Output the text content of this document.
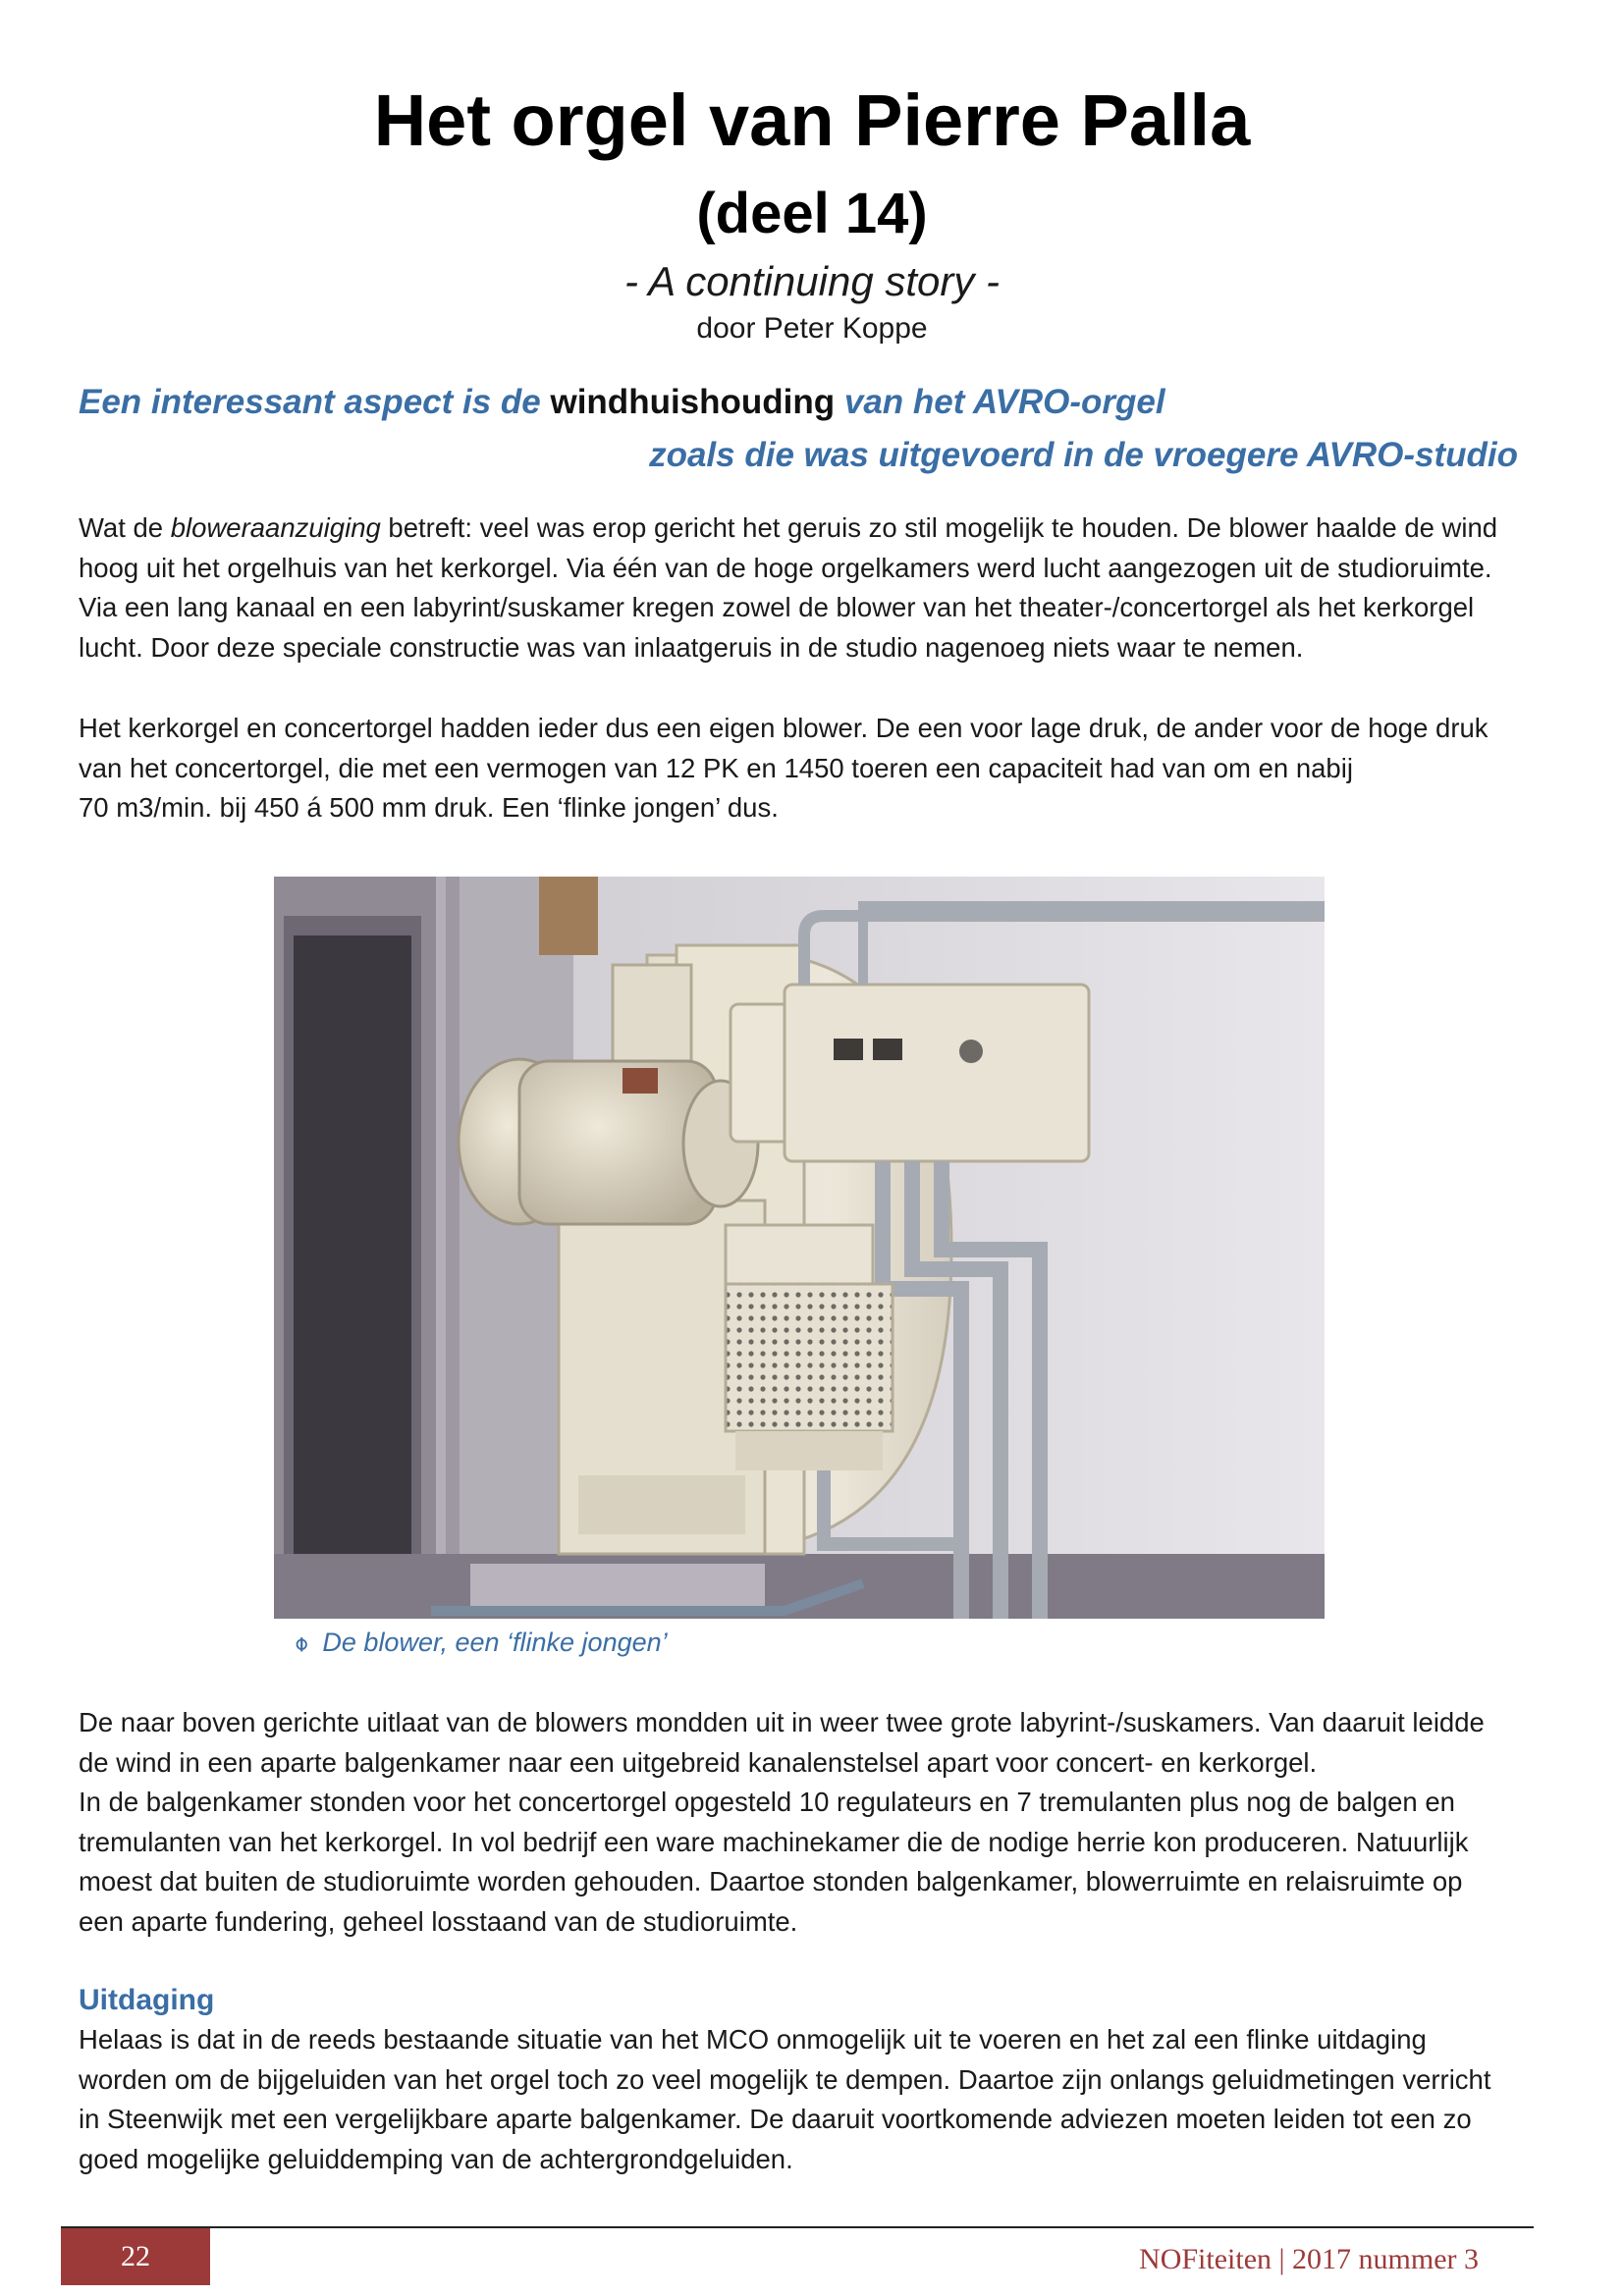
Het orgel van Pierre Palla
(deel 14)
- A continuing story -
door Peter Koppe
Een interessant aspect is de windhuishouding van het AVRO-orgel
zoals die was uitgevoerd in de vroegere AVRO-studio

Wat de bloweraanzuiging betreft: veel was erop gericht het geruis zo stil mogelijk te houden. De blower haalde de wind hoog uit het orgelhuis van het kerkorgel. Via één van de hoge orgelkamers werd lucht aangezogen uit de studioruimte. Via een lang kanaal en een labyrint/suskamer kregen zowel de blower van het theater-/concertorgel als het kerkorgel lucht. Door deze speciale constructie was van inlaatgeruis in de studio nagenoeg niets waar te nemen.

Het kerkorgel en concertorgel hadden ieder dus een eigen blower. De een voor lage druk, de ander voor de hoge druk van het concertorgel, die met een vermogen van 12 PK en 1450 toeren een capaciteit had van om en nabij
70 m3/min. bij 450 á 500 mm druk. Een ‘flinke jongen’ dus.

⌽ De blower, een ‘flinke jongen’

De naar boven gerichte uitlaat van de blowers mondden uit in weer twee grote labyrint-/suskamers. Van daaruit leidde de wind in een aparte balgenkamer naar een uitgebreid kanalenstelsel apart voor concert- en kerkorgel.
In de balgenkamer stonden voor het concertorgel opgesteld 10 regulateurs en 7 tremulanten plus nog de balgen en tremulanten van het kerkorgel. In vol bedrijf een ware machinekamer die de nodige herrie kon produceren. Natuurlijk moest dat buiten de studioruimte worden gehouden. Daartoe stonden balgenkamer, blowerruimte en relaisruimte op een aparte fundering, geheel losstaand van de studioruimte.

Uitdaging

Helaas is dat in de reeds bestaande situatie van het MCO onmogelijk uit te voeren en het zal een flinke uitdaging worden om de bijgeluiden van het orgel toch zo veel mogelijk te dempen. Daartoe zijn onlangs geluidmetingen verricht in Steenwijk met een vergelijkbare aparte balgenkamer. De daaruit voortkomende adviezen moeten leiden tot een zo goed mogelijke geluiddemping van de achtergrondgeluiden.

22	NOFiteiten | 2017 nummer 3
